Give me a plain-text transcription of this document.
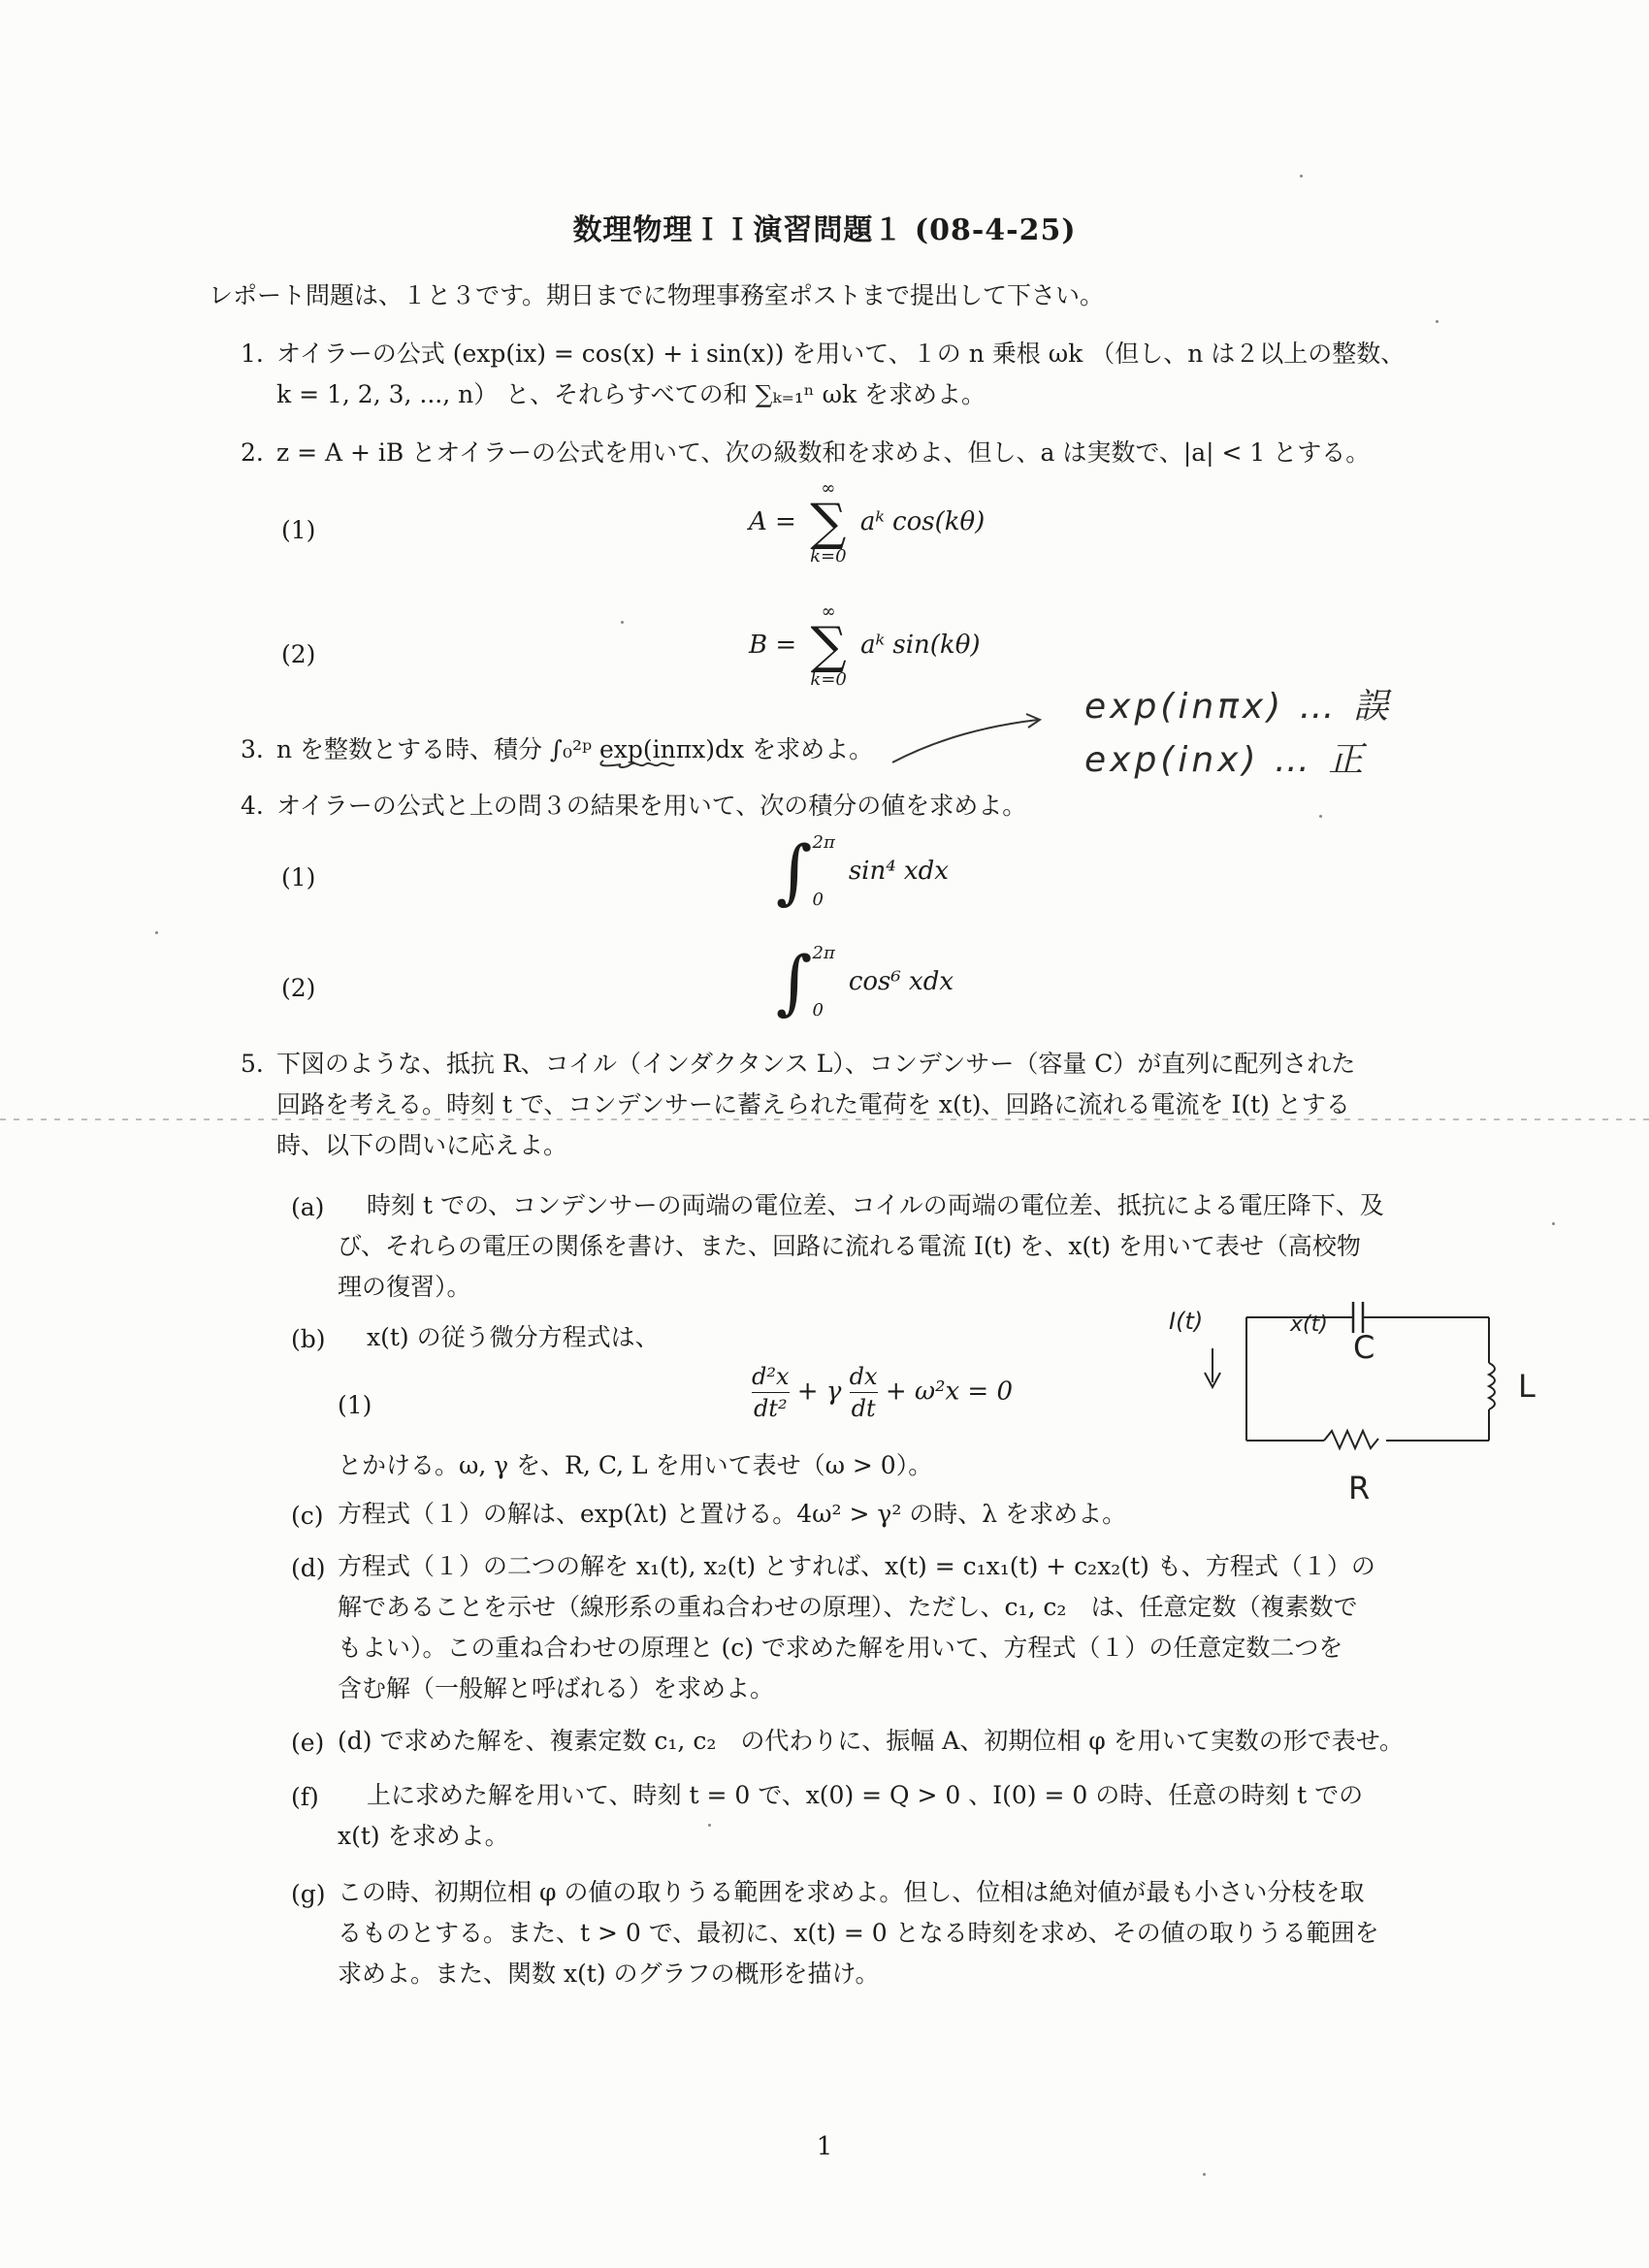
数理物理ＩＩ演習問題１ (08-4-25)
レポート問題は、１と３です。期日までに物理事務室ポストまで提出して下さい。
1. オイラーの公式 (exp(ix) = cos(x) + i sin(x)) を用いて、１の n 乗根 ωk （但し、n は２以上の整数、
k = 1, 2, 3, ..., n） と、それらすべての和 ∑ₖ₌₁ⁿ ωk を求めよ。
2. z = A + iB とオイラーの公式を用いて、次の級数和を求めよ、但し、a は実数で、|a| < 1 とする。
(1)	A =
∞
∑
k=0
aᵏ cos(kθ)
(2)	B =
∞
∑
k=0
aᵏ sin(kθ)
3. n を整数とする時、積分 ∫₀²ᵖ exp(inπx)dx を求めよ。
exp(inπx) … 誤
exp(inx) … 正
4. オイラーの公式と上の問３の結果を用いて、次の積分の値を求めよ。
(1)	∫ 2π
0
sin⁴ xdx
(2)	∫ 2π
0
cos⁶ xdx
5. 下図のような、抵抗 R、コイル（インダクタンス L）、コンデンサー（容量 C）が直列に配列された
回路を考える。時刻 t で、コンデンサーに蓄えられた電荷を x(t)、回路に流れる電流を I(t) とする
時、以下の問いに応えよ。
(a) 時刻 t での、コンデンサーの両端の電位差、コイルの両端の電位差、抵抗による電圧降下、及
び、それらの電圧の関係を書け、また、回路に流れる電流 I(t) を、x(t) を用いて表せ（高校物
理の復習）。
(b) x(t) の従う微分方程式は、
(1)	$\frac{\text{d²x}}{\text{dt²}} + \gamma \frac{dx}{dt} + \omega^2x = 0$
とかける。ω, γ を、R, C, L を用いて表せ（ω > 0）。
I(t)	x(t)
C
L
R
(c) 方程式（１）の解は、exp(λt) と置ける。4ω² > γ² の時、λ を求めよ。
(d) 方程式（１）の二つの解を x₁(t), x₂(t) とすれば、x(t) = c₁x₁(t) + c₂x₂(t) も、方程式（１）の
解であることを示せ（線形系の重ね合わせの原理）、ただし、c₁, c₂　は、任意定数（複素数で
もよい）。この重ね合わせの原理と (c) で求めた解を用いて、方程式（１）の任意定数二つを
含む解（一般解と呼ばれる）を求めよ。
(e) (d) で求めた解を、複素定数 c₁, c₂　の代わりに、振幅 A、初期位相 φ を用いて実数の形で表せ。
(f) 上に求めた解を用いて、時刻 t = 0 で、x(0) = Q > 0 、I(0) = 0 の時、任意の時刻 t での
x(t) を求めよ。
(g) この時、初期位相 φ の値の取りうる範囲を求めよ。但し、位相は絶対値が最も小さい分枝を取
るものとする。また、t > 0 で、最初に、x(t) = 0 となる時刻を求め、その値の取りうる範囲を
求めよ。また、関数 x(t) のグラフの概形を描け。
1
